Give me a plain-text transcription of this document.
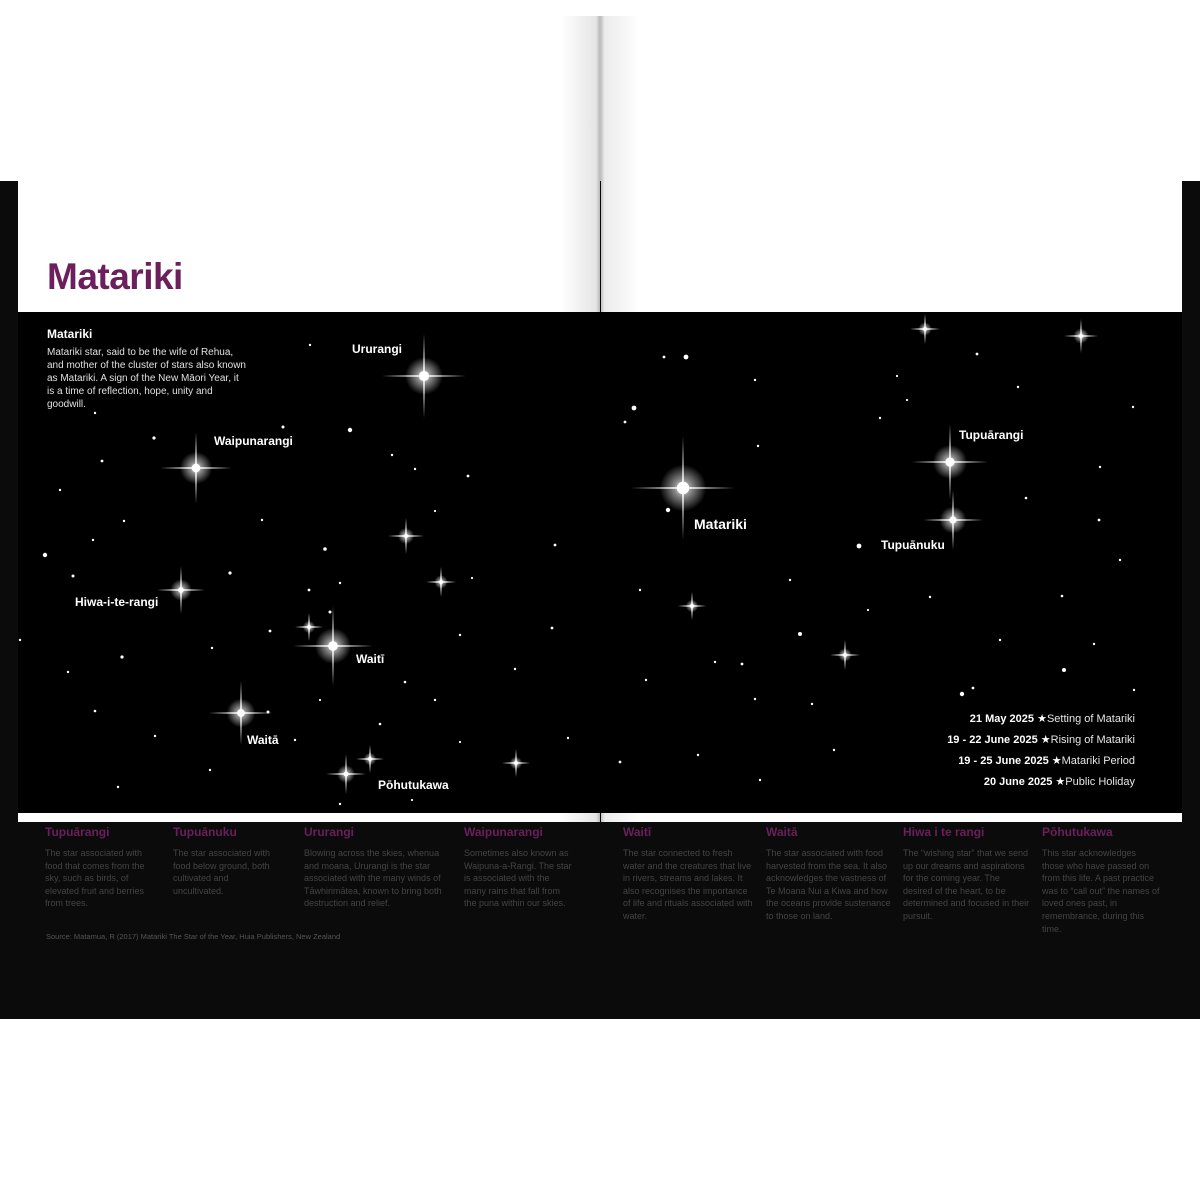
Matariki
Matariki
Matariki star, said to be the wife of Rehua, and mother of the cluster of stars also known as Matariki. A sign of the New Māori Year, it is a time of reflection, hope, unity and goodwill.
Ururangi
Waipunarangi
Hiwa-i-te-rangi
Waitī
Waitā
Pōhutukawa
Matariki
Tupuārangi
Tupuānuku
21 May 2025 ★Setting of Matariki
19 - 22 June 2025 ★Rising of Matariki
19 - 25 June 2025 ★Matariki Period
20 June 2025 ★Public Holiday
Tupuārangi

The star associated with food that comes from the sky, such as birds, of elevated fruit and berries from trees.

Tupuānuku

The star associated with food below ground, both cultivated and uncultivated.

Ururangi

Blowing across the skies, whenua and moana, Ururangi is the star associated with the many winds of Tāwhirimātea, known to bring both destruction and relief.

Waipunarangi

Sometimes also known as Waipuna-a-Rangi. The star is associated with the many rains that fall from the puna within our skies.

Waitī

The star connected to fresh water and the creatures that live in rivers, streams and lakes. It also recognises the importance of life and rituals associated with water.

Waitā

The star associated with food harvested from the sea. It also acknowledges the vastness of Te Moana Nui a Kiwa and how the oceans provide sustenance to those on land.

Hiwa i te rangi

The “wishing star” that we send up our dreams and aspirations for the coming year. The desired of the heart, to be determined and focused in their pursuit.

Pōhutukawa

This star acknowledges those who have passed on from this life. A past practice was to “call out” the names of loved ones past, in remembrance, during this time.

Source: Matamua, R (2017) Matariki The Star of the Year, Huia Publishers, New Zealand
